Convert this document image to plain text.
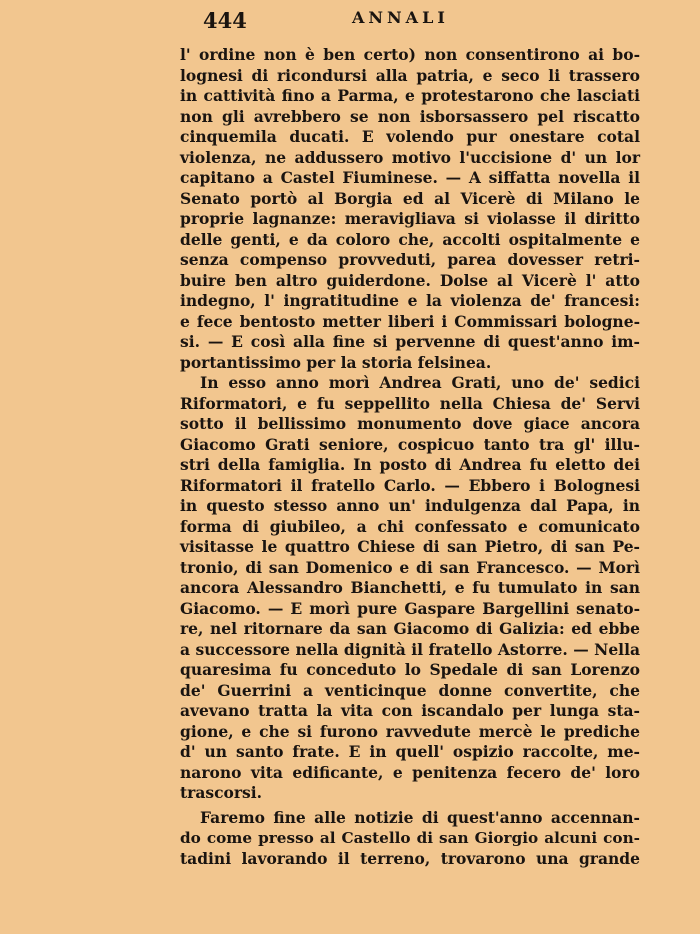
444	ANNALI
l' ordine non è ben certo) non consentirono ai bo-
lognesi di ricondursi alla patria, e seco li trassero
in cattività fino a Parma, e protestarono che lasciati
non gli avrebbero se non isborsassero pel riscatto
cinquemila ducati. E volendo pur onestare cotal
violenza, ne addussero motivo l'uccisione d' un lor
capitano a Castel Fiuminese. — A siffatta novella il
Senato portò al Borgia ed al Vicerè di Milano le
proprie lagnanze: meravigliava si violasse il diritto
delle genti, e da coloro che, accolti ospitalmente e
senza compenso provveduti, parea dovesser retri-
buire ben altro guiderdone. Dolse al Vicerè l' atto
indegno, l' ingratitudine e la violenza de' francesi:
e fece bentosto metter liberi i Commissari bologne-
si. — E così alla fine si pervenne di quest'anno im-
portantissimo per la storia felsinea.
In esso anno morì Andrea Grati, uno de' sedici
Riformatori, e fu seppellito nella Chiesa de' Servi
sotto il bellissimo monumento dove giace ancora
Giacomo Grati seniore, cospicuo tanto tra gl' illu-
stri della famiglia. In posto di Andrea fu eletto dei
Riformatori il fratello Carlo. — Ebbero i Bolognesi
in questo stesso anno un' indulgenza dal Papa, in
forma di giubileo, a chi confessato e comunicato
visitasse le quattro Chiese di san Pietro, di san Pe-
tronio, di san Domenico e di san Francesco. — Morì
ancora Alessandro Bianchetti, e fu tumulato in san
Giacomo. — E morì pure Gaspare Bargellini senato-
re, nel ritornare da san Giacomo di Galizia: ed ebbe
a successore nella dignità il fratello Astorre. — Nella
quaresima fu conceduto lo Spedale di san Lorenzo
de' Guerrini a venticinque donne convertite, che
avevano tratta la vita con iscandalo per lunga sta-
gione, e che si furono ravvedute mercè le prediche
d' un santo frate. E in quell' ospizio raccolte, me-
narono vita edificante, e penitenza fecero de' loro
trascorsi.
Faremo fine alle notizie di quest'anno accennan-
do come presso al Castello di san Giorgio alcuni con-
tadini lavorando il terreno, trovarono una grande
